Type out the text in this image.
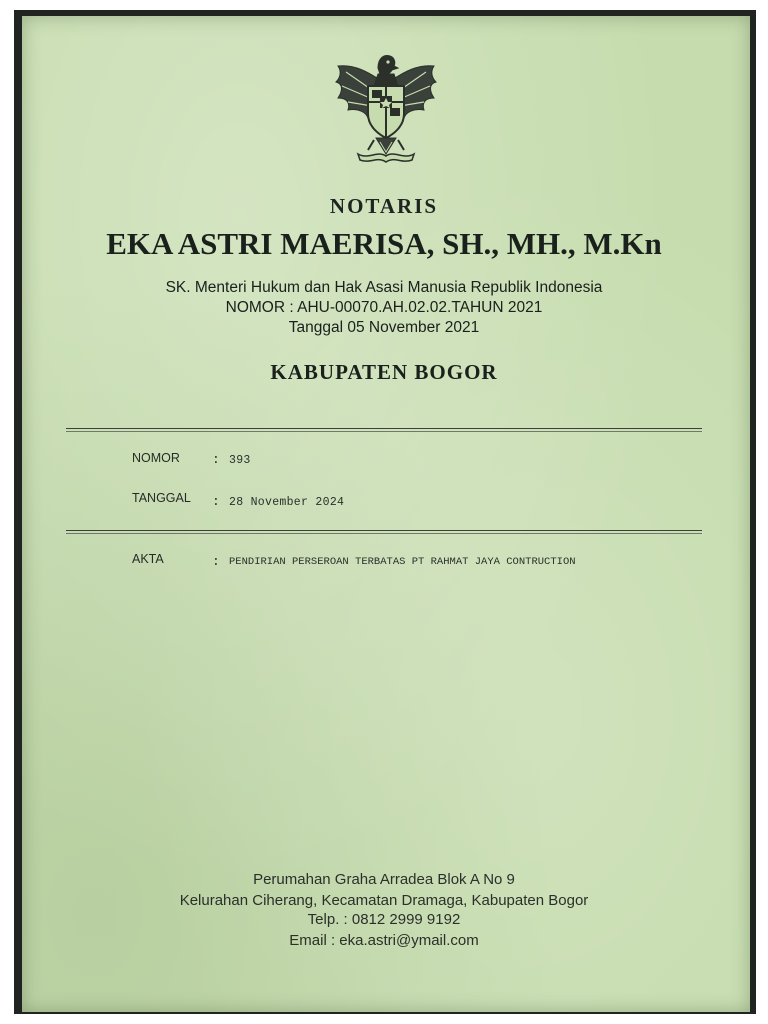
NOTARIS
EKA ASTRI MAERISA, SH., MH., M.Kn
SK. Menteri Hukum dan Hak Asasi Manusia Republik Indonesia
NOMOR : AHU-00070.AH.02.02.TAHUN 2021
Tanggal 05 November 2021
KABUPATEN BOGOR
NOMOR : 393
TANGGAL : 28 November 2024
AKTA	: PENDIRIAN PERSEROAN TERBATAS PT RAHMAT JAYA CONTRUCTION
Perumahan Graha Arradea Blok A No 9
Kelurahan Ciherang, Kecamatan Dramaga, Kabupaten Bogor
Telp. : 0812 2999 9192
Email : eka.astri@ymail.com
